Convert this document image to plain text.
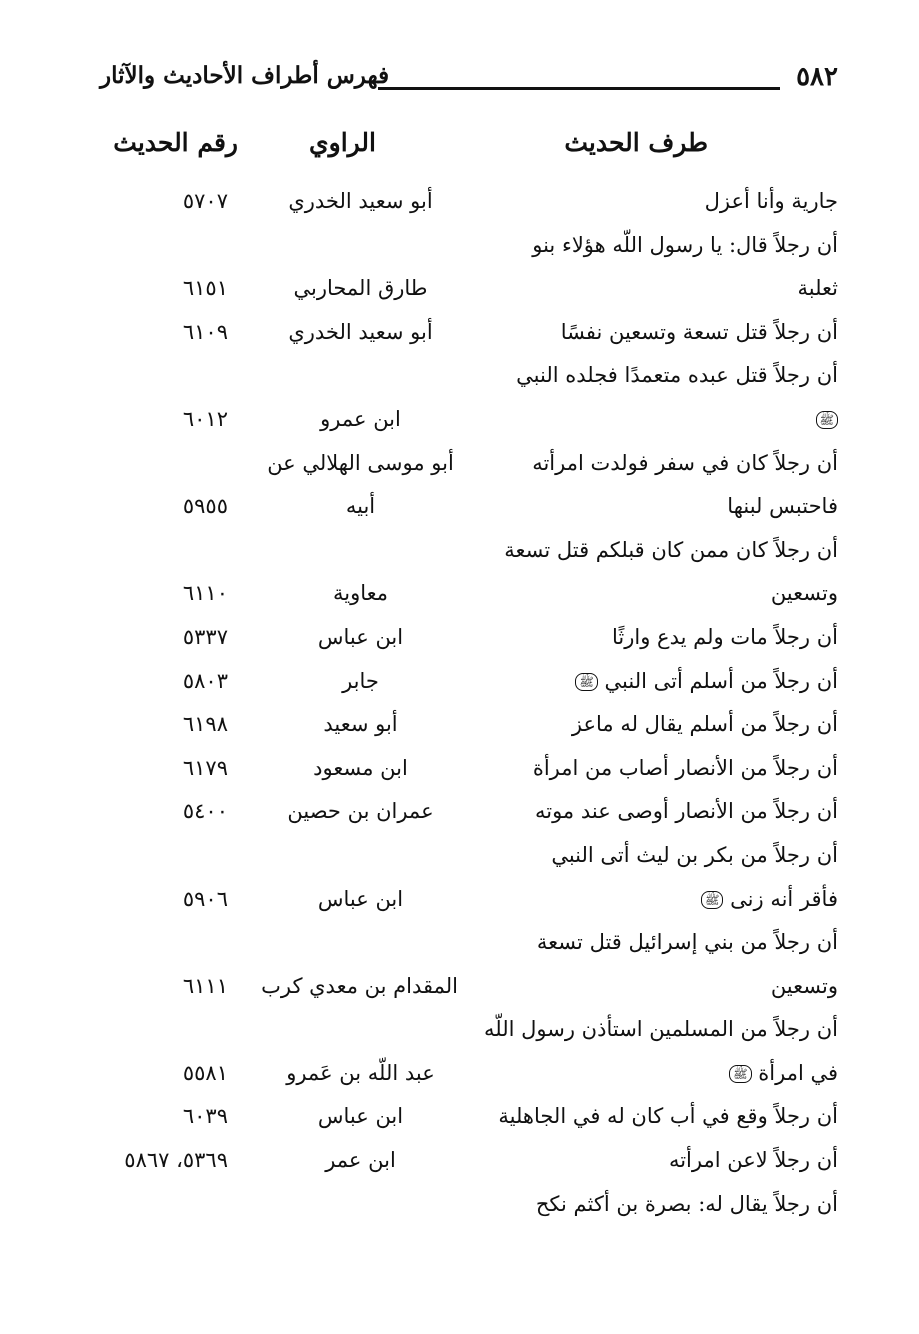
٥٨٢
فهرس أطراف الأحاديث والآثار
طرف الحديث
الراوي
رقم الحديث
جارية وأنا أعزل
أبو سعيد الخدري
٥٧٠٧
أن رجلاً قال: يا رسول اللّه هؤلاء بنو
ثعلبة
طارق المحاربي
٦١٥١
أن رجلاً قتل تسعة وتسعين نفسًا
أبو سعيد الخدري
٦١٠٩
أن رجلاً قتل عبده متعمدًا فجلده النبي
ﷺ
ابن عمرو
٦٠١٢
أن رجلاً كان في سفر فولدت امرأته
أبو موسى الهلالي عن
فاحتبس لبنها
أبيه
٥٩٥٥
أن رجلاً كان ممن كان قبلكم قتل تسعة
وتسعين
معاوية
٦١١٠
أن رجلاً مات ولم يدع وارثًا
ابن عباس
٥٣٣٧
أن رجلاً من أسلم أتى النبي ﷺ
جابر
٥٨٠٣
أن رجلاً من أسلم يقال له ماعز
أبو سعيد
٦١٩٨
أن رجلاً من الأنصار أصاب من امرأة
ابن مسعود
٦١٧٩
أن رجلاً من الأنصار أوصى عند موته
عمران بن حصين
٥٤٠٠
أن رجلاً من بكر بن ليث أتى النبي
فأقر أنه زنى ﷺ
ابن عباس
٥٩٠٦
أن رجلاً من بني إسرائيل قتل تسعة
وتسعين
المقدام بن معدي كرب
٦١١١
أن رجلاً من المسلمين استأذن رسول اللّه
في امرأة ﷺ
عبد اللّه بن عَمرو
٥٥٨١
أن رجلاً وقع في أب كان له في الجاهلية
ابن عباس
٦٠٣٩
أن رجلاً لاعن امرأته
ابن عمر
٥٣٦٩، ٥٨٦٧
أن رجلاً يقال له: بصرة بن أكثم نكح
